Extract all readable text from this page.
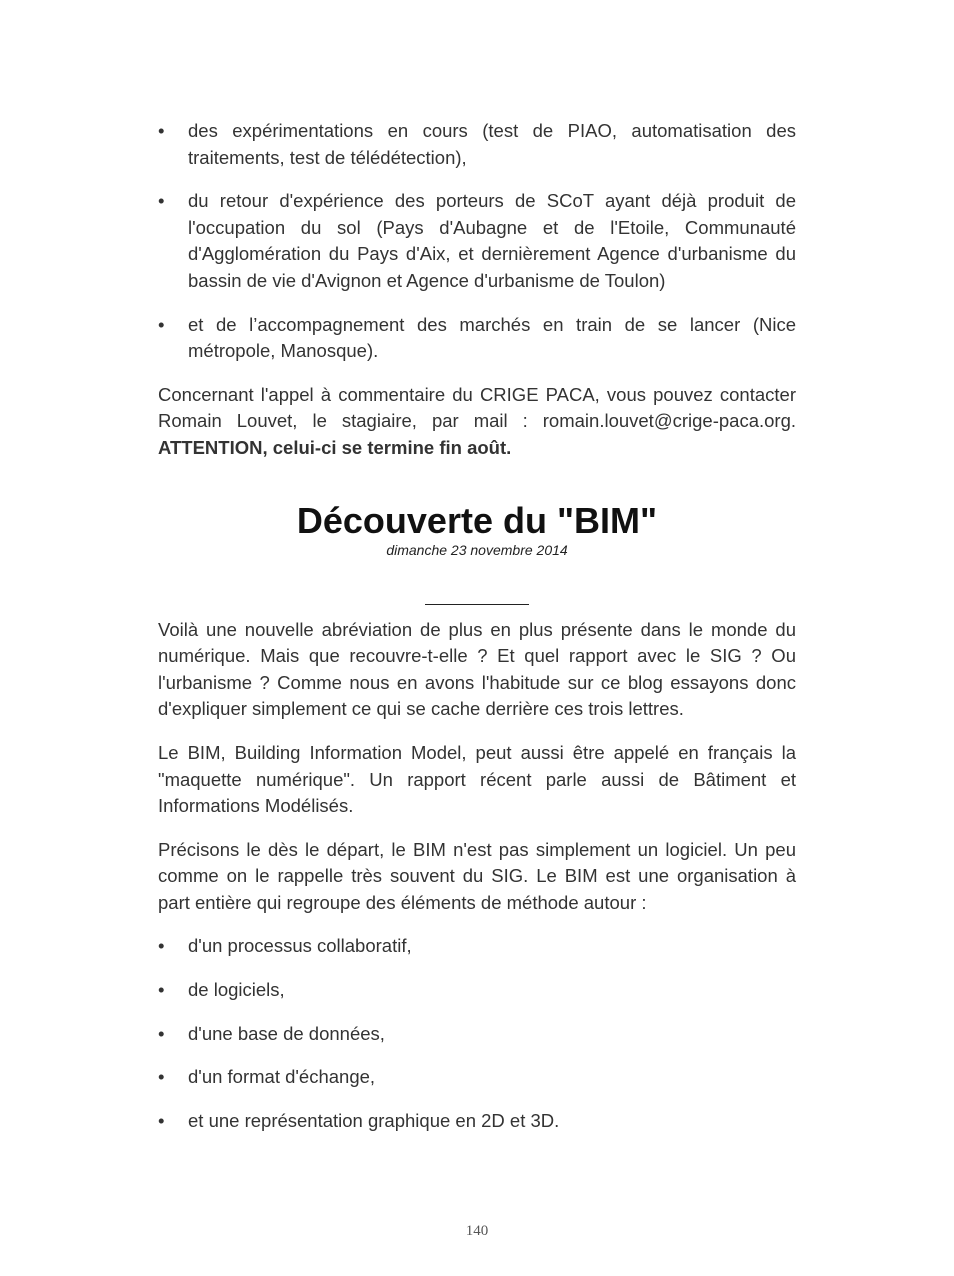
• des expérimentations en cours (test de PIAO, automatisation des traitements, test de télédétection),
• du retour d'expérience des porteurs de SCoT ayant déjà produit de l'occupation du sol (Pays d'Aubagne et de l'Etoile, Communauté d'Agglomération du Pays d'Aix, et dernièrement Agence d'urbanisme du bassin de vie d'Avignon et Agence d'urbanisme de Toulon)
• et de l’accompagnement des marchés en train de se lancer (Nice métropole, Manosque).

Concernant l'appel à commentaire du CRIGE PACA, vous pouvez contacter Romain Louvet, le stagiaire, par mail : romain.louvet@crige-paca.org. ATTENTION, celui-ci se termine fin août.

Découverte du "BIM"
dimanche 23 novembre 2014

Voilà une nouvelle abréviation de plus en plus présente dans le monde du numérique. Mais que recouvre-t-elle ? Et quel rapport avec le SIG ? Ou l'urbanisme ? Comme nous en avons l'habitude sur ce blog essayons donc d'expliquer simplement ce qui se cache derrière ces trois lettres.

Le BIM, Building Information Model, peut aussi être appelé en français la "maquette numérique". Un rapport récent parle aussi de Bâtiment et Informations Modélisés.

Précisons le dès le départ, le BIM n'est pas simplement un logiciel. Un peu comme on le rappelle très souvent du SIG. Le BIM est une organisation à part entière qui regroupe des éléments de méthode autour :

• d'un processus collaboratif,
• de logiciels,
• d'une base de données,
• d'un format d'échange,
• et une représentation graphique en 2D et 3D.
140
